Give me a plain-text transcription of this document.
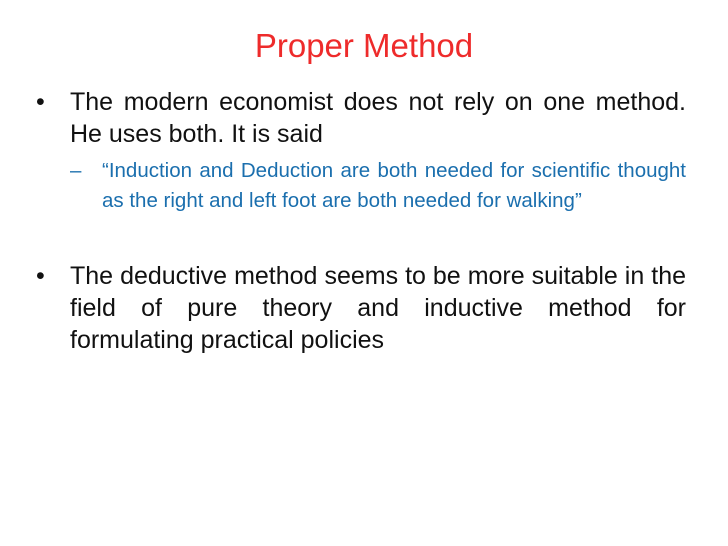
Proper Method
•	The modern economist does not rely on one method. He uses both. It is said
–	“Induction and Deduction are both needed for scientific thought as the right and left foot are both needed for walking”
•	The deductive method seems to be more suitable in the field of pure theory and inductive method for formulating practical policies
